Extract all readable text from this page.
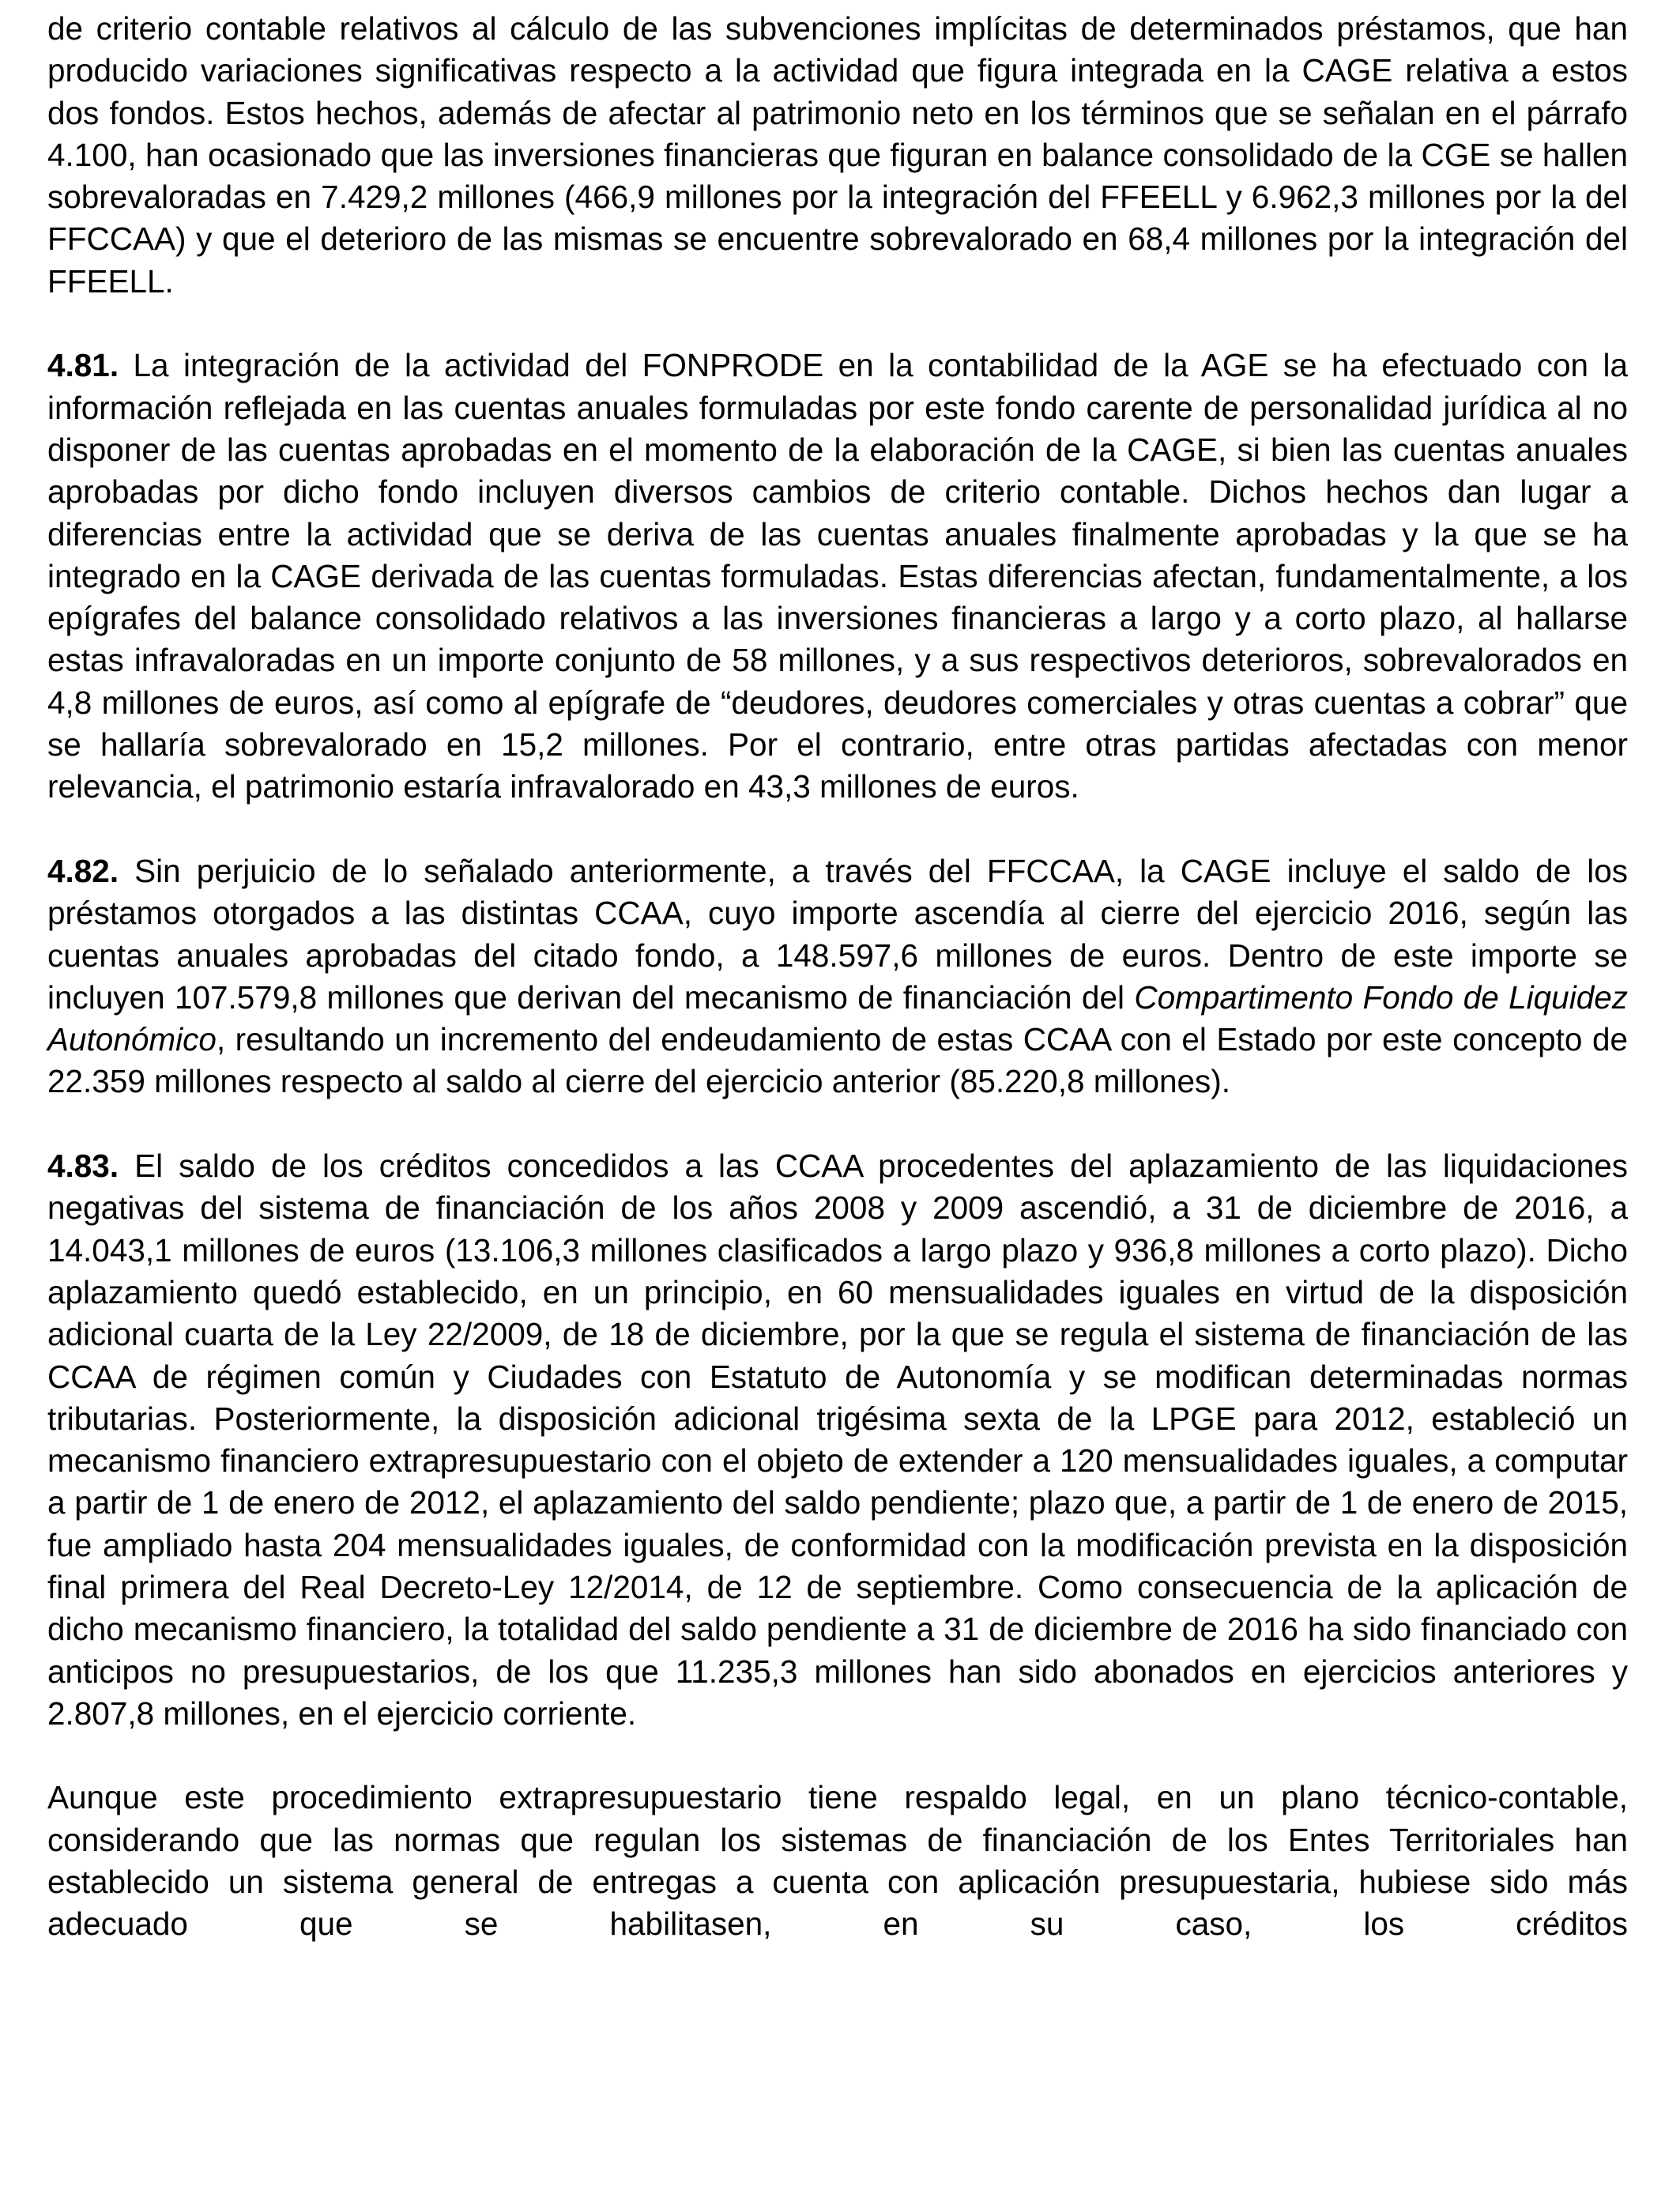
de criterio contable relativos al cálculo de las subvenciones implícitas de determinados préstamos, que han producido variaciones significativas respecto a la actividad que figura integrada en la CAGE relativa a estos dos fondos. Estos hechos, además de afectar al patrimonio neto en los términos que se señalan en el párrafo 4.100, han ocasionado que las inversiones financieras que figuran en balance consolidado de la CGE se hallen sobrevaloradas en 7.429,2 millones (466,9 millones por la integración del FFEELL y 6.962,3 millones por la del FFCCAA) y que el deterioro de las mismas se encuentre sobrevalorado en 68,4 millones por la integración del FFEELL.

4.81. La integración de la actividad del FONPRODE en la contabilidad de la AGE se ha efectuado con la información reflejada en las cuentas anuales formuladas por este fondo carente de personalidad jurídica al no disponer de las cuentas aprobadas en el momento de la elaboración de la CAGE, si bien las cuentas anuales aprobadas por dicho fondo incluyen diversos cambios de criterio contable. Dichos hechos dan lugar a diferencias entre la actividad que se deriva de las cuentas anuales finalmente aprobadas y la que se ha integrado en la CAGE derivada de las cuentas formuladas. Estas diferencias afectan, fundamentalmente, a los epígrafes del balance consolidado relativos a las inversiones financieras a largo y a corto plazo, al hallarse estas infravaloradas en un importe conjunto de 58 millones, y a sus respectivos deterioros, sobrevalorados en 4,8 millones de euros, así como al epígrafe de “deudores, deudores comerciales y otras cuentas a cobrar” que se hallaría sobrevalorado en 15,2 millones. Por el contrario, entre otras partidas afectadas con menor relevancia, el patrimonio estaría infravalorado en 43,3 millones de euros.

4.82. Sin perjuicio de lo señalado anteriormente, a través del FFCCAA, la CAGE incluye el saldo de los préstamos otorgados a las distintas CCAA, cuyo importe ascendía al cierre del ejercicio 2016, según las cuentas anuales aprobadas del citado fondo, a 148.597,6 millones de euros. Dentro de este importe se incluyen 107.579,8 millones que derivan del mecanismo de financiación del Compartimento Fondo de Liquidez Autonómico, resultando un incremento del endeudamiento de estas CCAA con el Estado por este concepto de 22.359 millones respecto al saldo al cierre del ejercicio anterior (85.220,8 millones).

4.83. El saldo de los créditos concedidos a las CCAA procedentes del aplazamiento de las liquidaciones negativas del sistema de financiación de los años 2008 y 2009 ascendió, a 31 de diciembre de 2016, a 14.043,1 millones de euros (13.106,3 millones clasificados a largo plazo y 936,8 millones a corto plazo). Dicho aplazamiento quedó establecido, en un principio, en 60 mensualidades iguales en virtud de la disposición adicional cuarta de la Ley 22/2009, de 18 de diciembre, por la que se regula el sistema de financiación de las CCAA de régimen común y Ciudades con Estatuto de Autonomía y se modifican determinadas normas tributarias. Posteriormente, la disposición adicional trigésima sexta de la LPGE para 2012, estableció un mecanismo financiero extrapresupuestario con el objeto de extender a 120 mensualidades iguales, a computar a partir de 1 de enero de 2012, el aplazamiento del saldo pendiente; plazo que, a partir de 1 de enero de 2015, fue ampliado hasta 204 mensualidades iguales, de conformidad con la modificación prevista en la disposición final primera del Real Decreto-Ley 12/2014, de 12 de septiembre. Como consecuencia de la aplicación de dicho mecanismo financiero, la totalidad del saldo pendiente a 31 de diciembre de 2016 ha sido financiado con anticipos no presupuestarios, de los que 11.235,3 millones han sido abonados en ejercicios anteriores y 2.807,8 millones, en el ejercicio corriente.

Aunque este procedimiento extrapresupuestario tiene respaldo legal, en un plano técnico-contable, considerando que las normas que regulan los sistemas de financiación de los Entes Territoriales han establecido un sistema general de entregas a cuenta con aplicación presupuestaria, hubiese sido más adecuado que se habilitasen, en su caso, los créditos
